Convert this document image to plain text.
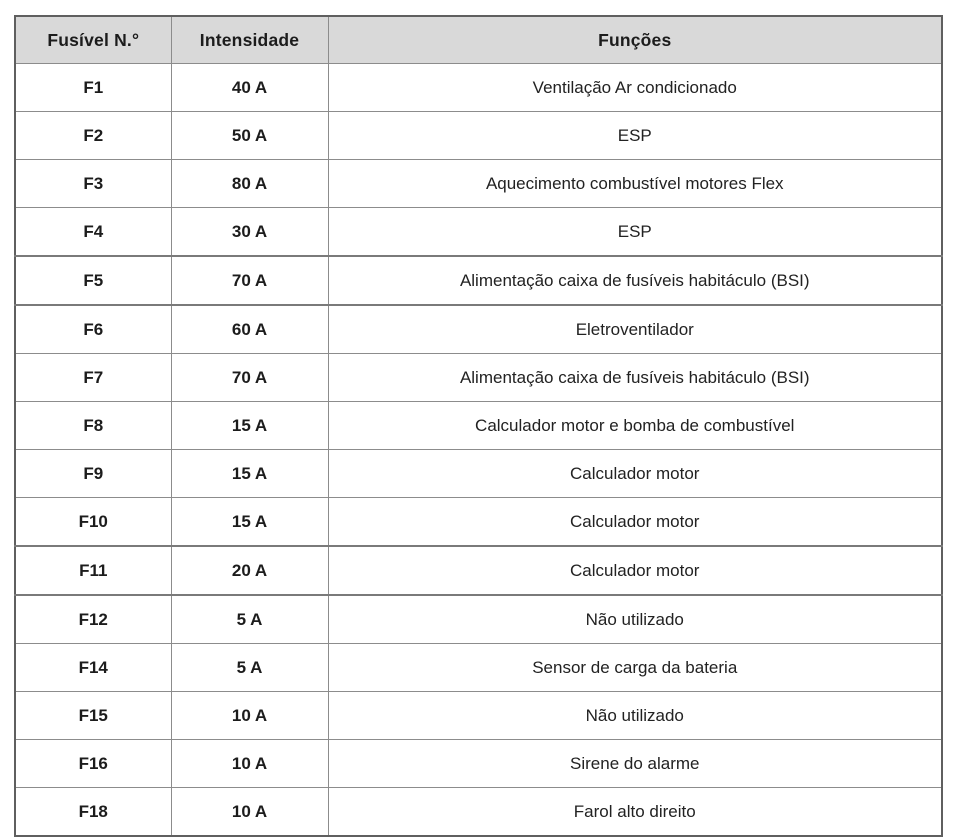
Fusível N.°	Intensidade	Funções
F1	40 A	Ventilação Ar condicionado
F2	50 A	ESP
F3	80 A	Aquecimento combustível motores Flex
F4	30 A	ESP
F5	70 A	Alimentação caixa de fusíveis habitáculo (BSI)
F6	60 A	Eletroventilador
F7	70 A	Alimentação caixa de fusíveis habitáculo (BSI)
F8	15 A	Calculador motor e bomba de combustível
F9	15 A	Calculador motor
F10	15 A	Calculador motor
F11	20 A	Calculador motor
F12	5 A	Não utilizado
F14	5 A	Sensor de carga da bateria
F15	10 A	Não utilizado
F16	10 A	Sirene do alarme
F18	10 A	Farol alto direito
